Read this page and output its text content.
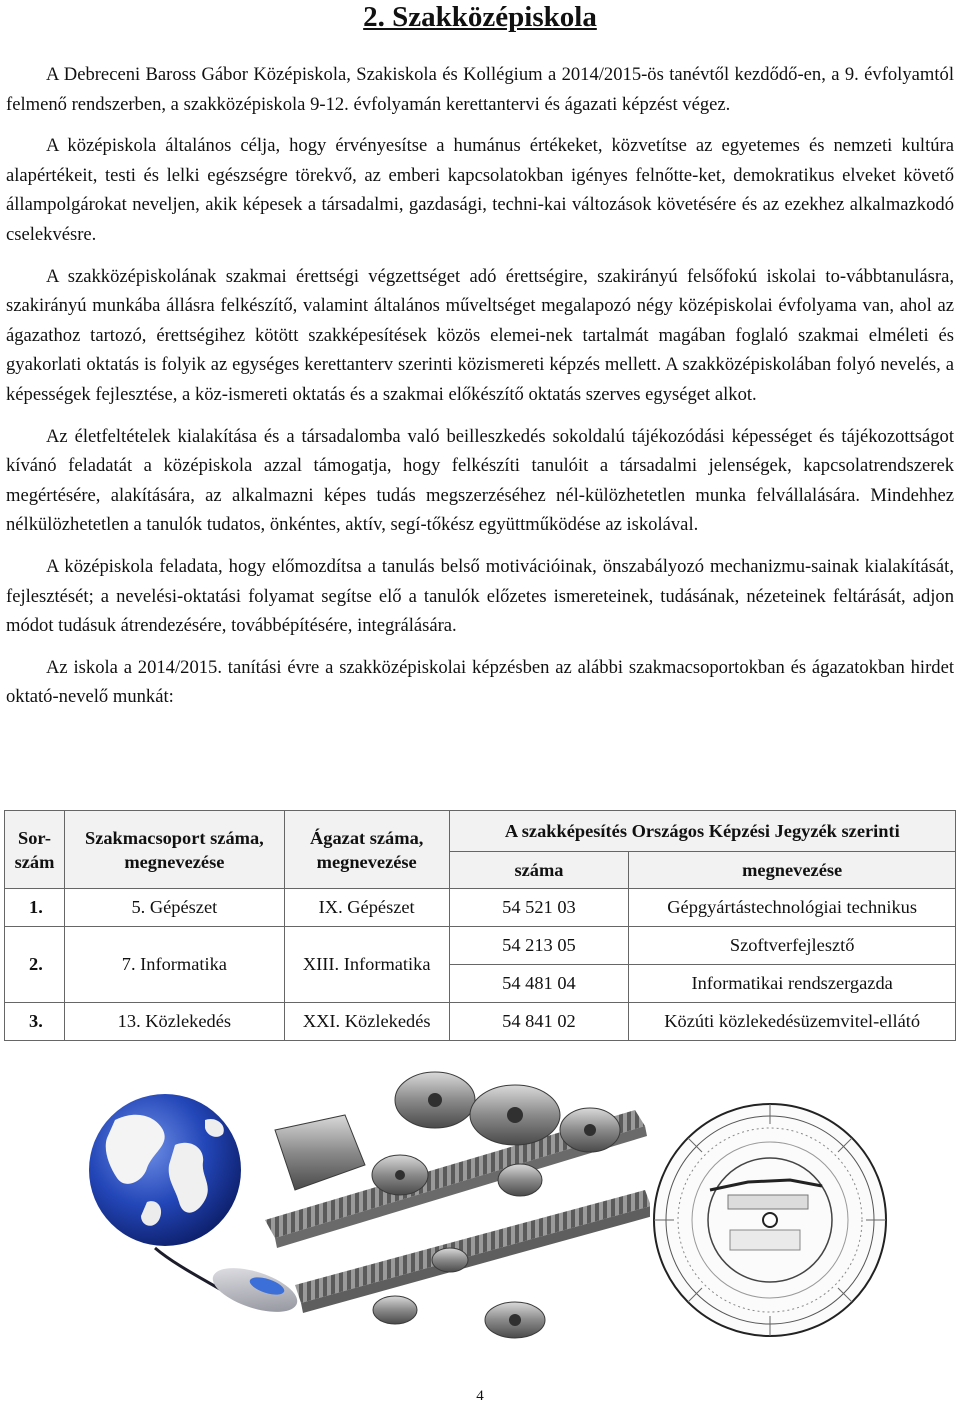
2. Szakközépiskola

A Debreceni Baross Gábor Középiskola, Szakiskola és Kollégium a 2014/2015-ös tanévtől kezdődő-en, a 9. évfolyamtól felmenő rendszerben, a szakközépiskola 9-12. évfolyamán kerettantervi és ágazati képzést végez.

A középiskola általános célja, hogy érvényesítse a humánus értékeket, közvetítse az egyetemes és nemzeti kultúra alapértékeit, testi és lelki egészségre törekvő, az emberi kapcsolatokban igényes felnőtte-ket, demokratikus elveket követő állampolgárokat neveljen, akik képesek a társadalmi, gazdasági, techni-kai változások követésére és az ezekhez alkalmazkodó cselekvésre.

A szakközépiskolának szakmai érettségi végzettséget adó érettségire, szakirányú felsőfokú iskolai to-vábbtanulásra, szakirányú munkába állásra felkészítő, valamint általános műveltséget megalapozó négy középiskolai évfolyama van, ahol az ágazathoz tartozó, érettségihez kötött szakképesítések közös elemei-nek tartalmát magában foglaló szakmai elméleti és gyakorlati oktatás is folyik az egységes kerettanterv szerinti közismereti képzés mellett. A szakközépiskolában folyó nevelés, a képességek fejlesztése, a köz-ismereti oktatás és a szakmai előkészítő oktatás szerves egységet alkot.

Az életfeltételek kialakítása és a társadalomba való beilleszkedés sokoldalú tájékozódási képességet és tájékozottságot kívánó feladatát a középiskola azzal támogatja, hogy felkészíti tanulóit a társadalmi jelenségek, kapcsolatrendszerek megértésére, alakítására, az alkalmazni képes tudás megszerzéséhez nél-külözhetetlen munka felvállalására. Mindehhez nélkülözhetetlen a tanulók tudatos, önkéntes, aktív, segí-tőkész együttműködése az iskolával.

A középiskola feladata, hogy előmozdítsa a tanulás belső motivációinak, önszabályozó mechanizmu-sainak kialakítását, fejlesztését; a nevelési-oktatási folyamat segítse elő a tanulók előzetes ismereteinek, tudásának, nézeteinek feltárását, adjon módot tudásuk átrendezésére, továbbépítésére, integrálására.

Az iskola a 2014/2015. tanítási évre a szakközépiskolai képzésben az alábbi szakmacsoportokban és ágazatokban hirdet oktató-nevelő munkát:

Sor-szám	Szakmacsoport száma, megnevezése	Ágazat száma, megnevezése	A szakképesítés Országos Képzési Jegyzék szerinti	
			száma	megnevezése
1.	5. Gépészet	IX. Gépészet	54 521 03	Gépgyártástechnológiai technikus
2.	7. Informatika	XIII. Informatika	54 213 05	Szoftverfejlesztő
			54 481 04	Informatikai rendszergazda
3.	13. Közlekedés	XXI. Közlekedés	54 841 02	Közúti közlekedésüzemvitel-ellátó
4
